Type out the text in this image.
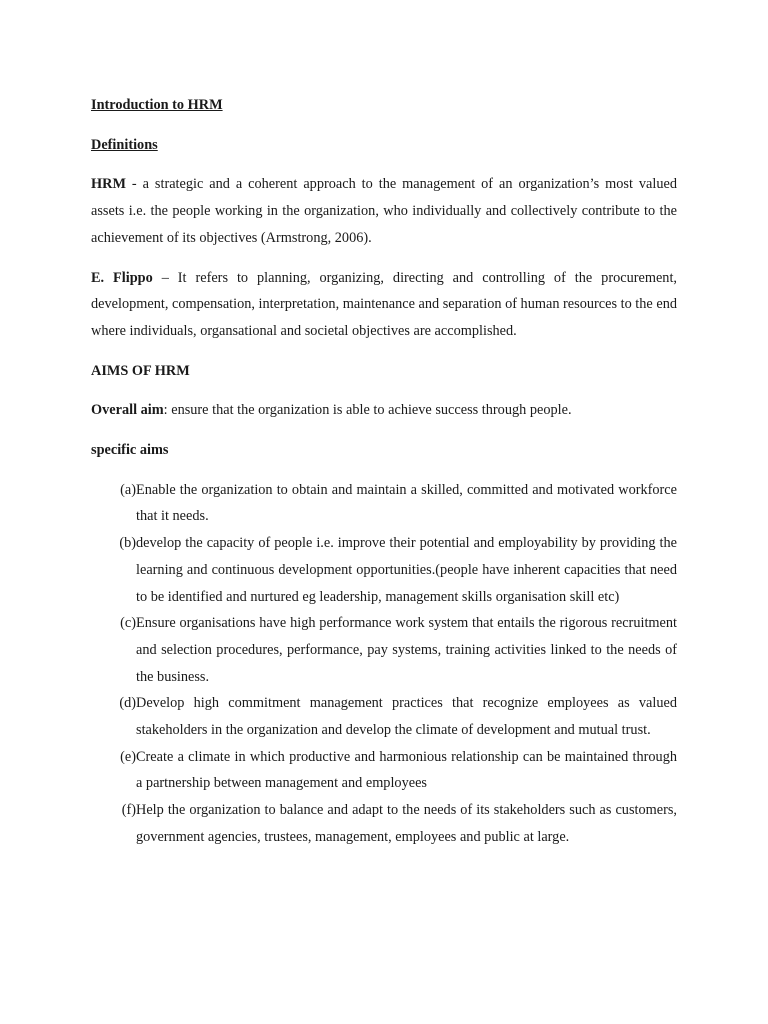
Introduction to HRM
Definitions

HRM - a strategic and a coherent approach to the management of an organization’s most valued assets i.e. the people working in the organization, who individually and collectively contribute to the achievement of its objectives (Armstrong, 2006).

E. Flippo – It refers to planning, organizing, directing and controlling of the procurement, development, compensation, interpretation, maintenance and separation of human resources to the end where individuals, organsational and societal objectives are accomplished.

AIMS OF HRM

Overall aim: ensure that the organization is able to achieve success through people.

specific aims
(a) Enable the organization to obtain and maintain a skilled, committed and motivated workforce that it needs.
(b) develop the capacity of people i.e. improve their potential and employability by providing the learning and continuous development opportunities.(people have inherent capacities that need to be identified and nurtured eg leadership, management skills organisation skill etc)
(c) Ensure organisations have high performance work system that entails the rigorous recruitment and selection procedures, performance, pay systems, training activities linked to the needs of the business.
(d) Develop high commitment management practices that recognize employees as valued stakeholders in the organization and develop the climate of development and mutual trust.
(e) Create a climate in which productive and harmonious relationship can be maintained through a partnership between management and employees
(f) Help the organization to balance and adapt to the needs of its stakeholders such as customers, government agencies, trustees, management, employees and public at large.
